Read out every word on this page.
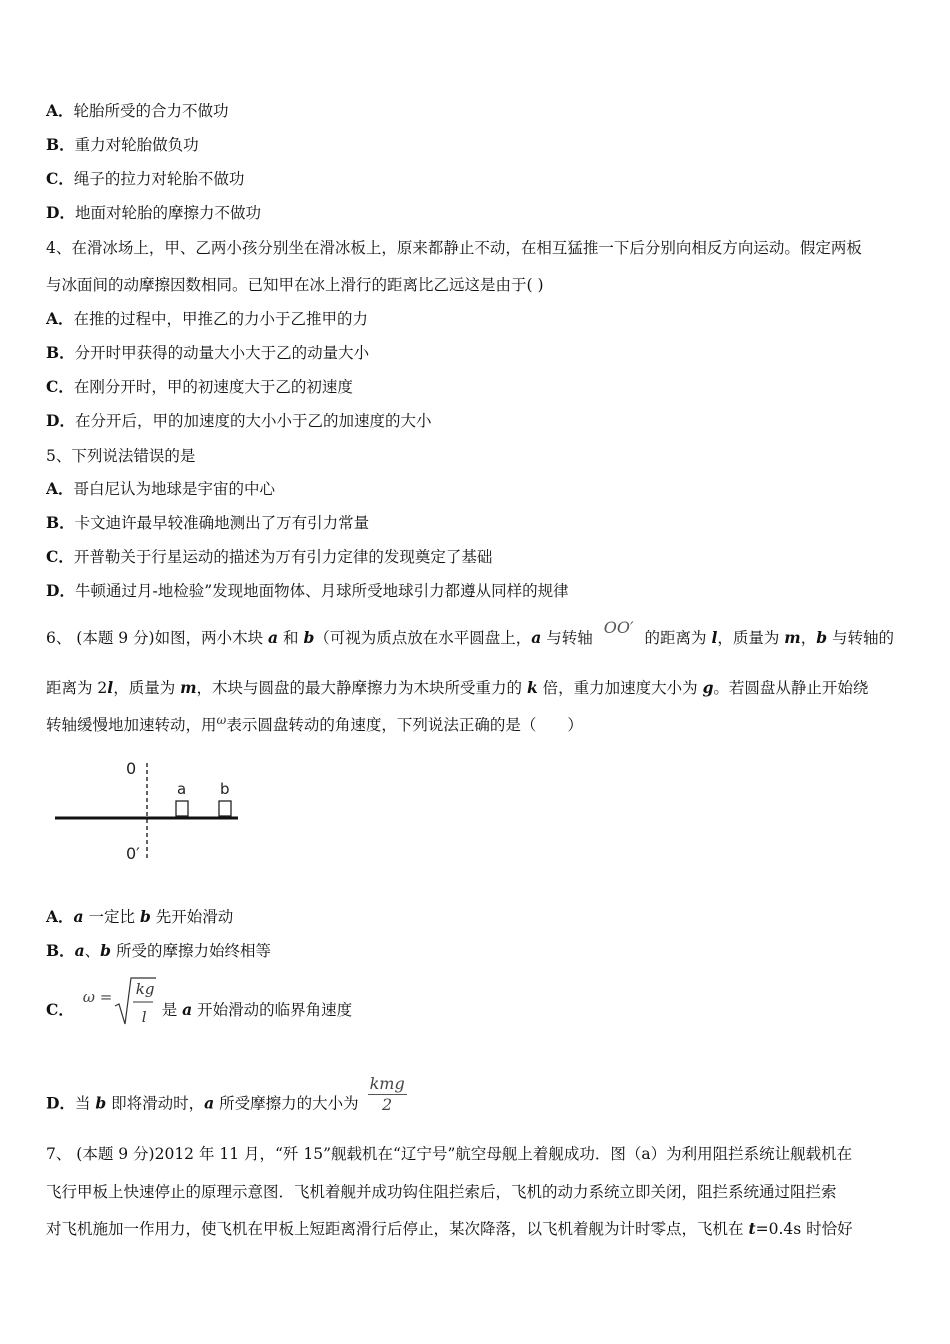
A．轮胎所受的合力不做功
B．重力对轮胎做负功
C．绳子的拉力对轮胎不做功
D．地面对轮胎的摩擦力不做功
4、在滑冰场上，甲、乙两小孩分别坐在滑冰板上，原来都静止不动，在相互猛推一下后分别向相反方向运动。假定两板
与冰面间的动摩擦因数相同。已知甲在冰上滑行的距离比乙远这是由于( )
A．在推的过程中，甲推乙的力小于乙推甲的力
B．分开时甲获得的动量大小大于乙的动量大小
C．在刚分开时，甲的初速度大于乙的初速度
D．在分开后，甲的加速度的大小小于乙的加速度的大小
5、下列说法错误的是
A．哥白尼认为地球是宇宙的中心
B．卡文迪许最早较准确地测出了万有引力常量
C．开普勒关于行星运动的描述为万有引力定律的发现奠定了基础
D．牛顿通过月-地检验”发现地面物体、月球所受地球引力都遵从同样的规律
6、 (本题 9 分)如图，两小木块 a 和 b（可视为质点放在水平圆盘上，a 与转轴 OO′ 的距离为 l，质量为 m，b 与转轴的
距离为 2l，质量为 m，木块与圆盘的最大静摩擦力为木块所受重力的 k 倍，重力加速度大小为 g。若圆盘从静止开始绕
转轴缓慢地加速转动，用$^\omega$表示圆盘转动的角速度，下列说法正确的是（　　）
0
a b
0′
A．a 一定比 b 先开始滑动
B．a、b 所受的摩擦力始终相等
C．
ω = kg
l 是 a 开始滑动的临界角速度
D．当 b 即将滑动时，a 所受摩擦力的大小为 $\frac{\text{kmg}}{2}$
7、 (本题 9 分)2012 年 11 月，“歼 15”舰载机在“辽宁号”航空母舰上着舰成功．图（a）为利用阻拦系统让舰载机在
飞行甲板上快速停止的原理示意图．飞机着舰并成功钩住阻拦索后，飞机的动力系统立即关闭，阻拦系统通过阻拦索
对飞机施加一作用力，使飞机在甲板上短距离滑行后停止，某次降落，以飞机着舰为计时零点，飞机在 t=0.4s 时恰好
